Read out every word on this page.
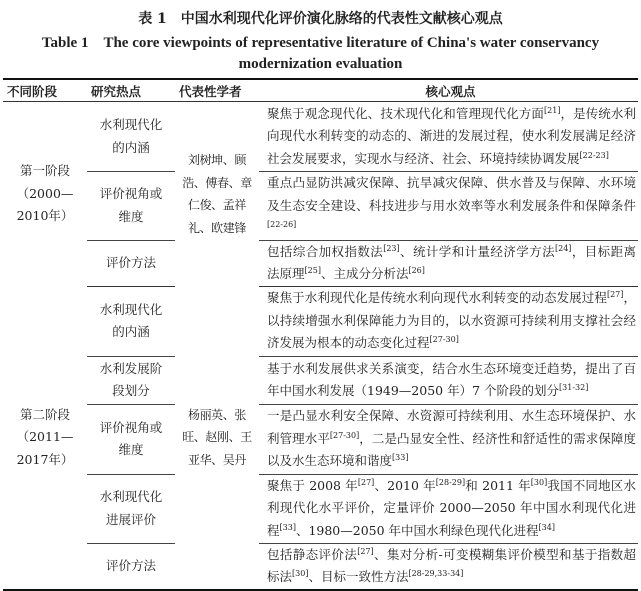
表 1　中国水利现代化评价演化脉络的代表性文献核心观点
Table 1　The core viewpoints of representative literature of China's water conservancy modernization evaluation
不同阶段	研究热点	代表性学者	核心观点
第一阶段（2000—2010年）	水利现代化的内涵	刘树坤、顾浩、傅春、章仁俊、孟祥礼、欧建锋	聚焦于观念现代化、技术现代化和管理现代化方面[21]，是传统水利向现代水利转变的动态的、渐进的发展过程，使水利发展满足经济社会发展要求，实现水与经济、社会、环境持续协调发展[22-23]
	评价视角或维度		重点凸显防洪减灾保障、抗旱减灾保障、供水普及与保障、水环境及生态安全建设、科技进步与用水效率等水利发展条件和保障条件[22-26]
	评价方法		包括综合加权指数法[23]、统计学和计量经济学方法[24]，目标距离法原理[25]、主成分分析法[26]
第二阶段（2011—2017年）	水利现代化的内涵	杨丽英、张旺、赵刚、王亚华、吴丹	聚焦于水利现代化是传统水利向现代水利转变的动态发展过程[27]，以持续增强水利保障能力为目的，以水资源可持续利用支撑社会经济发展为根本的动态变化过程[27-30]
	水利发展阶段划分		基于水利发展供求关系演变，结合水生态环境变迁趋势，提出了百年中国水利发展（1949—2050 年）7 个阶段的划分[31-32]
	评价视角或维度		一是凸显水利安全保障、水资源可持续利用、水生态环境保护、水利管理水平[27-30]，二是凸显安全性、经济性和舒适性的需求保障度以及水生态环境和谐度[33]
	水利现代化进展评价		聚焦于 2008 年[27]、2010 年[28-29]和 2011 年[30]我国不同地区水利现代化水平评价，定量评价 2000—2050 年中国水利现代化进程[33]、1980—2050 年中国水利绿色现代化进程[34]
	评价方法		包括静态评价法[27]、集对分析-可变模糊集评价模型和基于指数超标法[30]、目标一致性方法[28-29,33-34]
